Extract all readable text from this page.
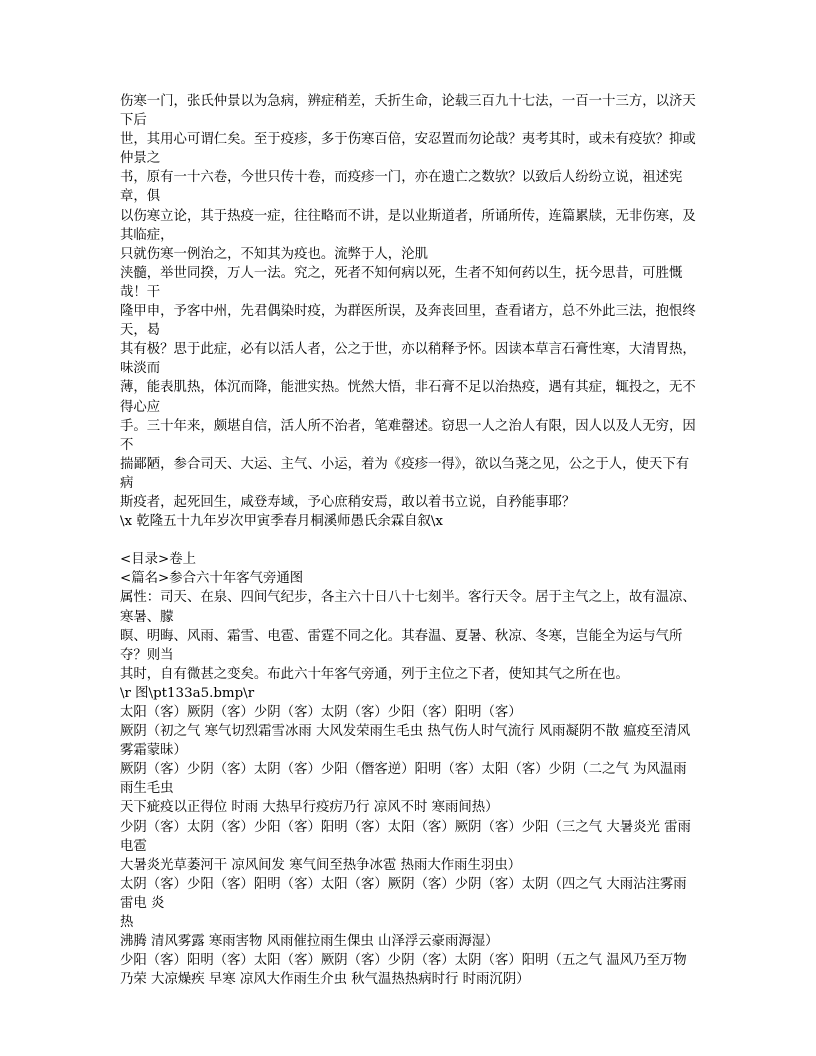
伤寒一门，张氏仲景以为急病，辨症稍差，夭折生命，论载三百九十七法，一百一十三方，以济天下后

世，其用心可谓仁矣。至于疫疹，多于伤寒百倍，安忍置而勿论哉？夷考其时，或未有疫欤？抑或仲景之

书，原有一十六卷，今世只传十卷，而疫疹一门，亦在遗亡之数欤？以致后人纷纷立说，祖述宪章，俱

以伤寒立论，其于热疫一症，往往略而不讲，是以业斯道者，所诵所传，连篇累牍，无非伤寒，及其临症，

只就伤寒一例治之，不知其为疫也。流弊于人，沦肌

浃髓，举世同揆，万人一法。究之，死者不知何病以死，生者不知何药以生，抚今思昔，可胜慨哉！干

隆甲申，予客中州，先君偶染时疫，为群医所误，及奔丧回里，查看诸方，总不外此三法，抱恨终天，曷

其有极？思于此症，必有以活人者，公之于世，亦以稍释予怀。因读本草言石膏性寒，大清胃热，味淡而

薄，能表肌热，体沉而降，能泄实热。恍然大悟，非石膏不足以治热疫，遇有其症，辄投之，无不得心应

手。三十年来，颇堪自信，活人所不治者，笔难罄述。窃思一人之治人有限，因人以及人无穷，因不

揣鄙陋，参合司天、大运、主气、小运，着为《疫疹一得》，欲以刍荛之见，公之于人，使天下有病

斯疫者，起死回生，咸登寿域，予心庶稍安焉，敢以着书立说，自矜能事耶？

\x 乾隆五十九年岁次甲寅季春月桐溪师愚氏余霖自叙\x

<目录>卷上

<篇名>参合六十年客气旁通图

属性：司天、在泉、四间气纪步，各主六十日八十七刻半。客行天令。居于主气之上，故有温凉、寒暑、朦

暝、明晦、风雨、霜雪、电雹、雷霆不同之化。其春温、夏暑、秋凉、冬寒，岂能全为运与气所夺？则当

其时，自有微甚之变矣。布此六十年客气旁通，列于主位之下者，使知其气之所在也。

\r 图\pt133a5.bmp\r

太阳（客）厥阴（客）少阴（客）太阴（客）少阳（客）阳明（客）

厥阴（初之气 寒气切烈霜雪冰雨 大风发荣雨生毛虫 热气伤人时气流行 风雨凝阴不散 瘟疫至清风雾霜蒙昧）

厥阴（客）少阴（客）太阴（客）少阳（僭客逆）阳明（客）太阳（客）少阴（二之气 为风温雨雨生毛虫

天下疵疫以正得位 时雨 大热早行疫疠乃行 凉风不时 寒雨间热）

少阴（客）太阴（客）少阳（客）阳明（客）太阳（客）厥阴（客）少阳（三之气 大暑炎光 雷雨电雹

大暑炎光草萎河干 凉风间发 寒气间至热争冰雹 热雨大作雨生羽虫）

太阴（客）少阳（客）阳明（客）太阳（客）厥阴（客）少阴（客）太阴（四之气 大雨沾注雾雨雷电 炎

热

沸腾 清风雾露 寒雨害物 风雨催拉雨生倮虫 山泽浮云豪雨溽湿）

少阳（客）阳明（客）太阳（客）厥阴（客）少阴（客）太阴（客）阳明（五之气 温风乃至万物乃荣 大凉燥疾 早寒 凉风大作雨生介虫 秋气温热热病时行 时雨沉阴）
